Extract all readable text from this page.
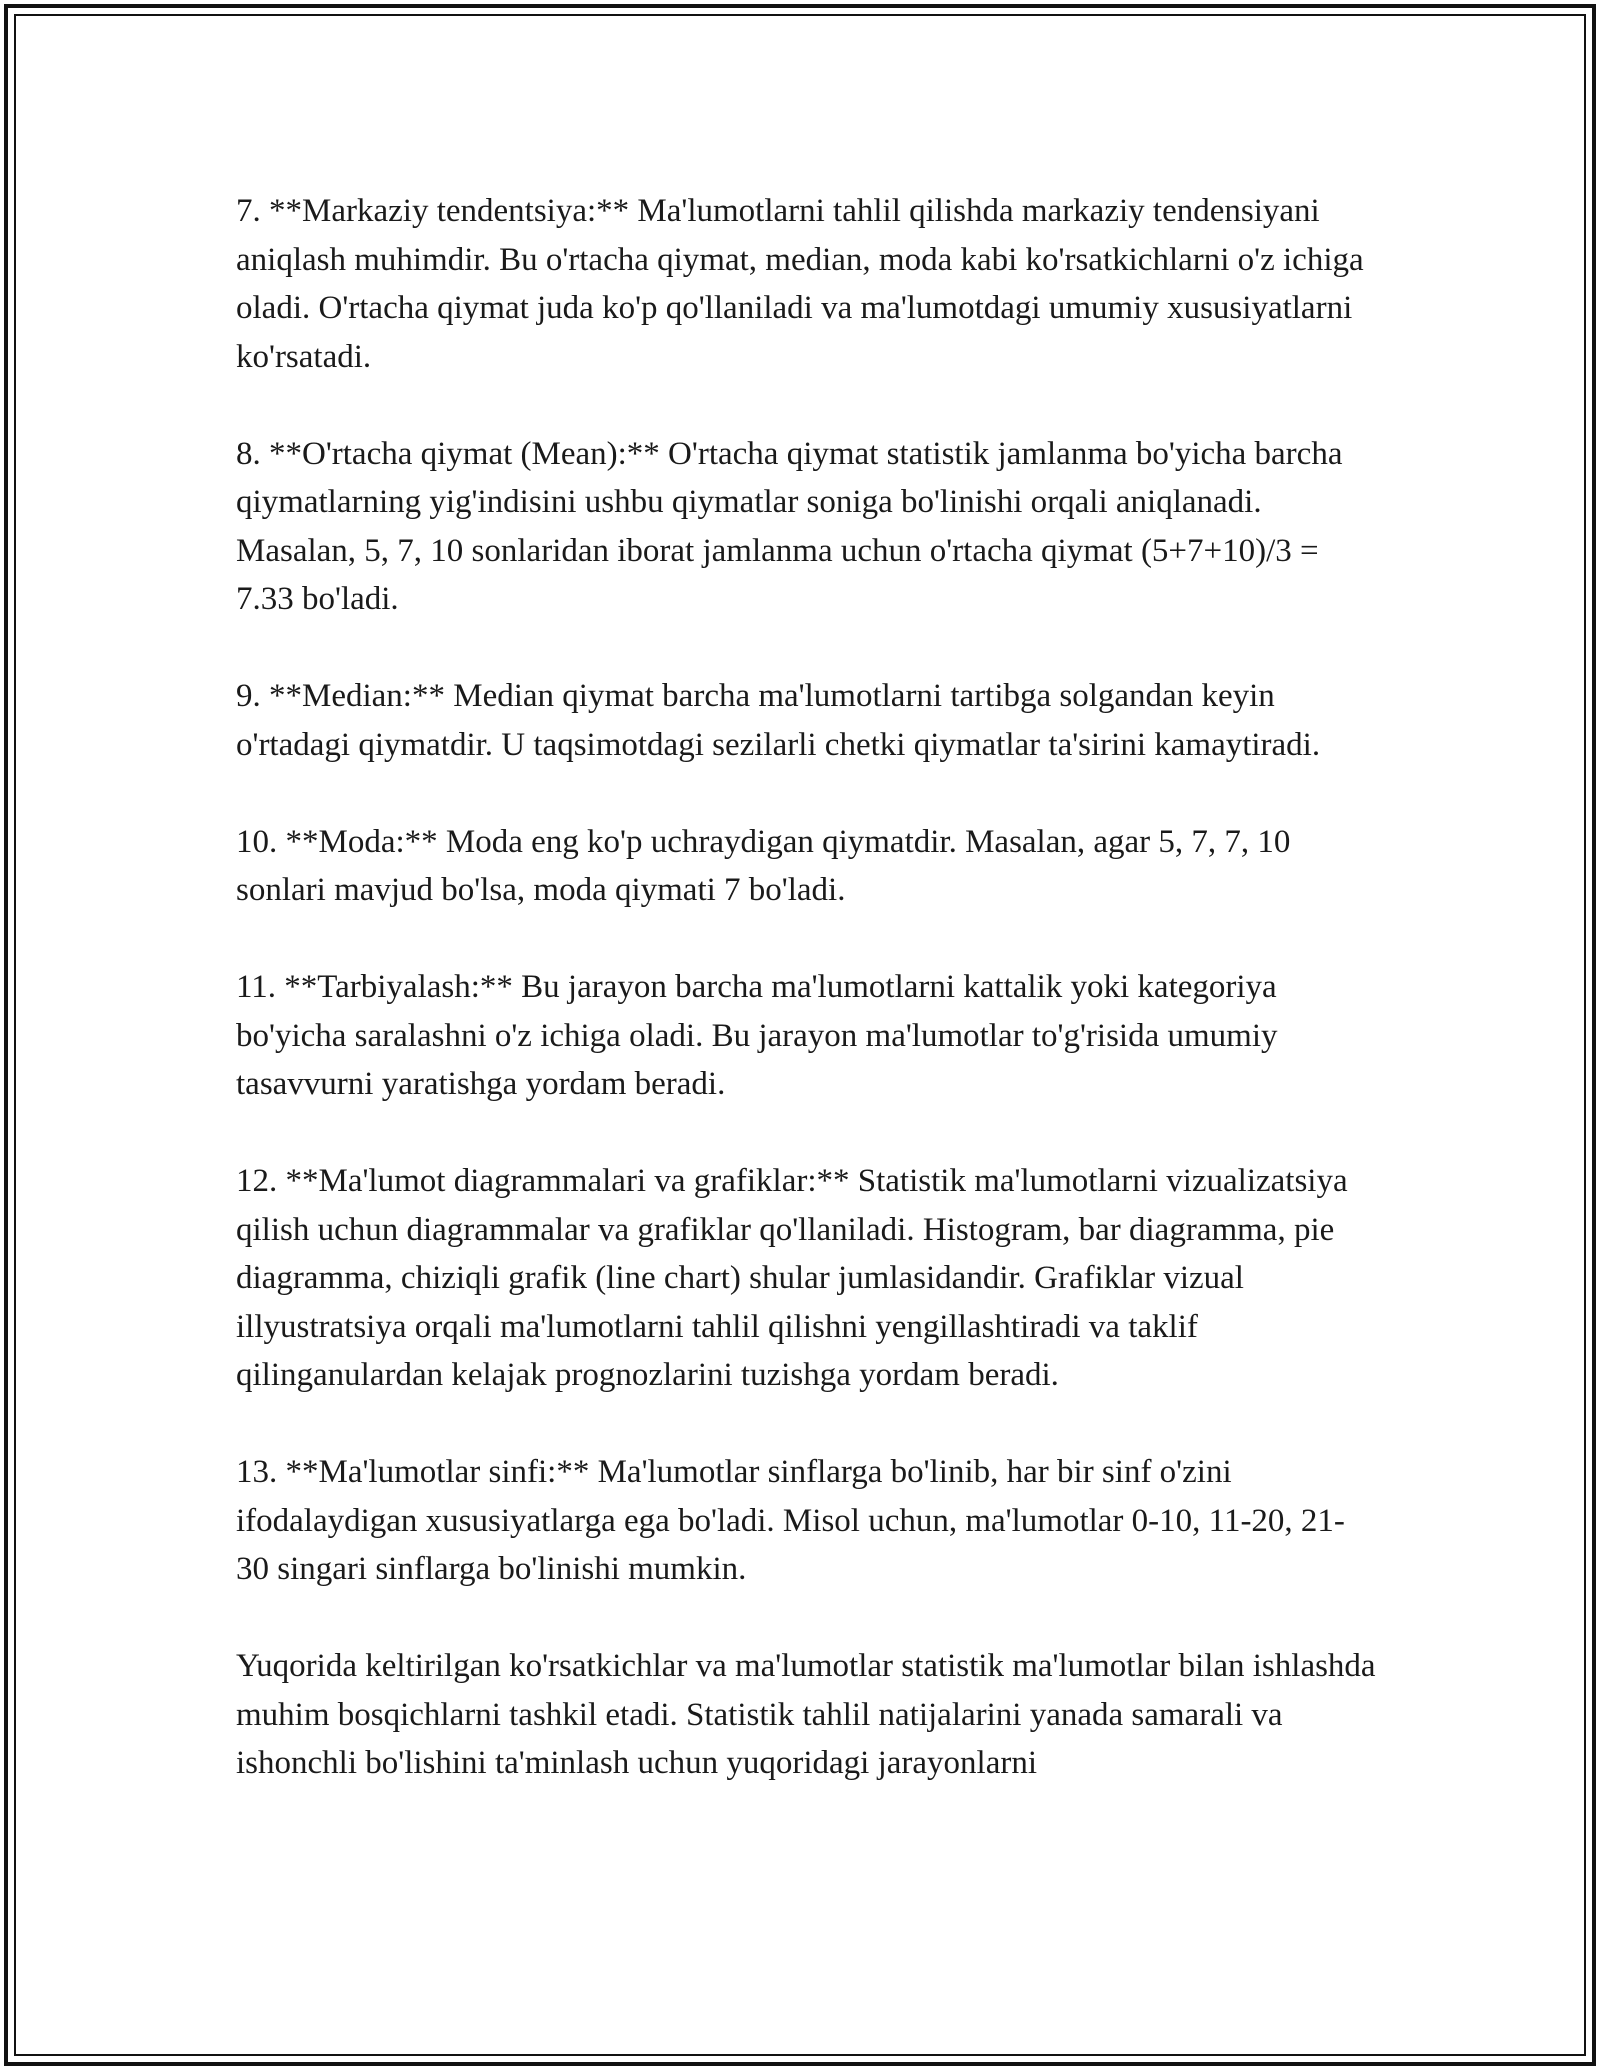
7. **Markaziy tendentsiya:** Ma'lumotlarni tahlil qilishda markaziy tendensiyani aniqlash muhimdir. Bu o'rtacha qiymat, median, moda kabi ko'rsatkichlarni o'z ichiga oladi. O'rtacha qiymat juda ko'p qo'llaniladi va ma'lumotdagi umumiy xususiyatlarni ko'rsatadi.

8. **O'rtacha qiymat (Mean):** O'rtacha qiymat statistik jamlanma bo'yicha barcha qiymatlarning yig'indisini ushbu qiymatlar soniga bo'linishi orqali aniqlanadi. Masalan, 5, 7, 10 sonlaridan iborat jamlanma uchun o'rtacha qiymat (5+7+10)/3 = 7.33 bo'ladi.

9. **Median:** Median qiymat barcha ma'lumotlarni tartibga solgandan keyin o'rtadagi qiymatdir. U taqsimotdagi sezilarli chetki qiymatlar ta'sirini kamaytiradi.

10. **Moda:** Moda eng ko'p uchraydigan qiymatdir. Masalan, agar 5, 7, 7, 10 sonlari mavjud bo'lsa, moda qiymati 7 bo'ladi.

11. **Tarbiyalash:** Bu jarayon barcha ma'lumotlarni kattalik yoki kategoriya bo'yicha saralashni o'z ichiga oladi. Bu jarayon ma'lumotlar to'g'risida umumiy tasavvurni yaratishga yordam beradi.

12. **Ma'lumot diagrammalari va grafiklar:** Statistik ma'lumotlarni vizualizatsiya qilish uchun diagrammalar va grafiklar qo'llaniladi. Histogram, bar diagramma, pie diagramma, chiziqli grafik (line chart) shular jumlasidandir. Grafiklar vizual illyustratsiya orqali ma'lumotlarni tahlil qilishni yengillashtiradi va taklif qilinganulardan kelajak prognozlarini tuzishga yordam beradi.

13. **Ma'lumotlar sinfi:** Ma'lumotlar sinflarga bo'linib, har bir sinf o'zini ifodalaydigan xususiyatlarga ega bo'ladi. Misol uchun, ma'lumotlar 0-10, 11-20, 21-30 singari sinflarga bo'linishi mumkin.

Yuqorida keltirilgan ko'rsatkichlar va ma'lumotlar statistik ma'lumotlar bilan ishlashda muhim bosqichlarni tashkil etadi. Statistik tahlil natijalarini yanada samarali va ishonchli bo'lishini ta'minlash uchun yuqoridagi jarayonlarni
